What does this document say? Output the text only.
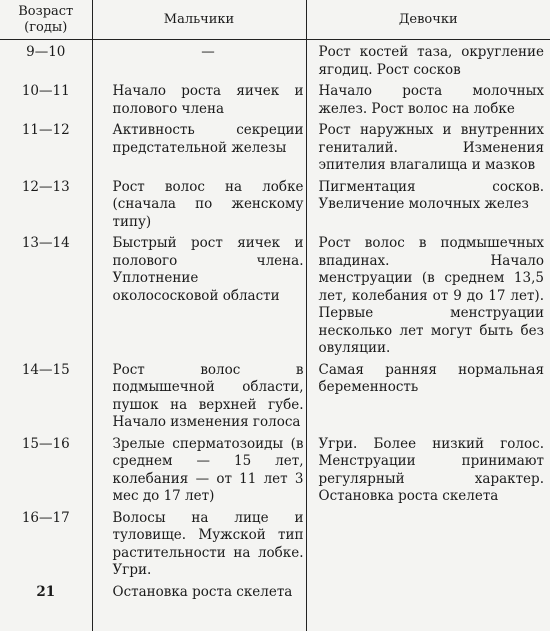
Возраст (годы)	Мальчики	Девочки
9—10	—	Рост костей таза, округление ягодиц. Рост сосков

10—11	Начало роста яичек и полового члена	Начало роста молочных желез. Рост волос на лобке

11—12	Активность секреции предстательной железы	Рост наружных и внутренних гениталий. Изменения эпителия влагалища и мазков

12—13	Рост волос на лобке (сначала по женскому типу)	Пигментация сосков. Увеличение молочных желез

13—14	Быстрый рост яичек и полового члена. Уплотнение околососковой области	Рост волос в подмышечных впадинах. Начало менструации (в среднем 13,5 лет, колебания от 9 до 17 лет). Первые менструации несколько лет могут быть без овуляции.

14—15	Рост волос в подмышечной области, пушок на верхней губе. Начало изменения голоса	Самая ранняя нормальная беременность

15—16	Зрелые сперматозоиды (в среднем — 15 лет, колебания — от 11 лет 3 мес до 17 лет)	Угри. Более низкий голос. Менструации принимают регулярный характер. Остановка роста скелета

16—17	Волосы на лице и туловище. Мужской тип растительности на лобке. Угри.	

21	Остановка роста скелета	
